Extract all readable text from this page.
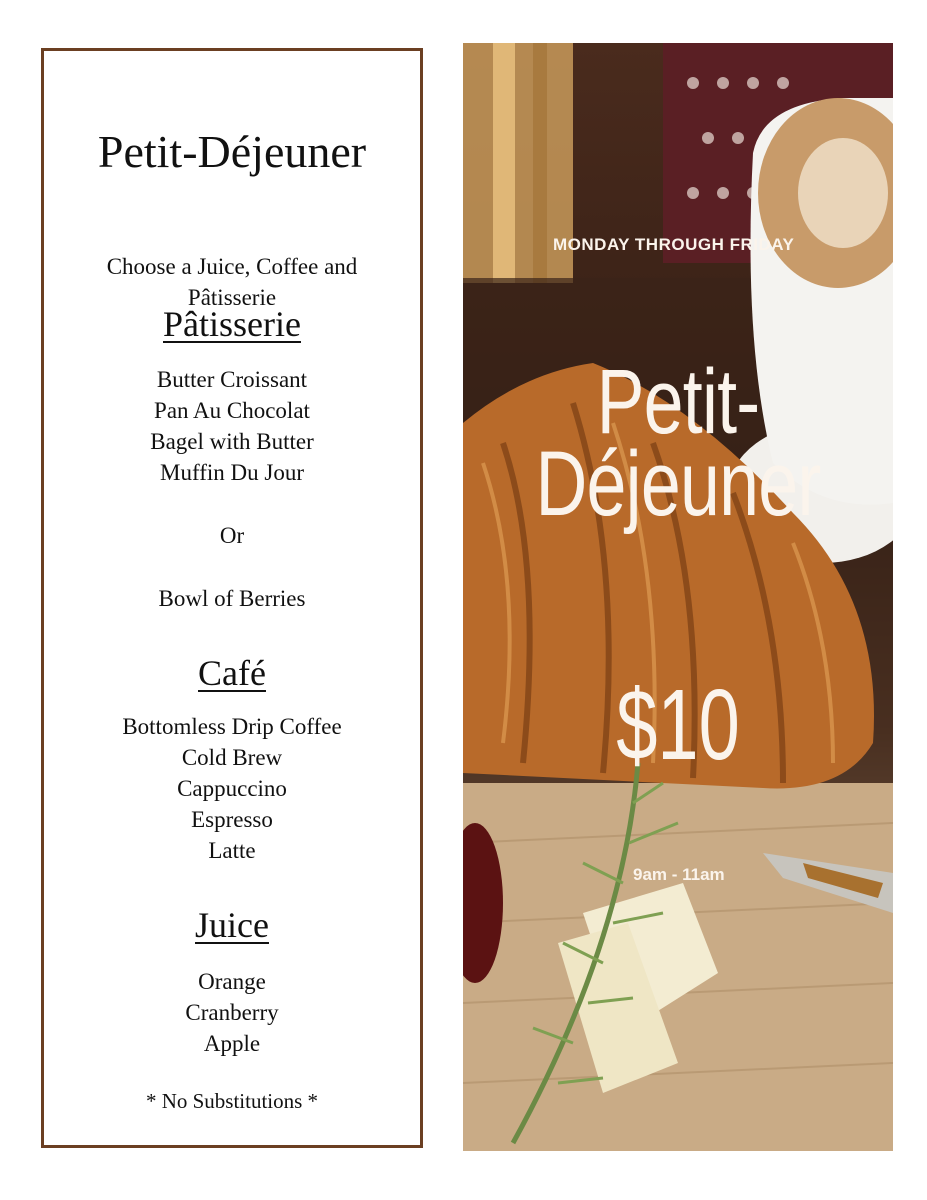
Petit-Déjeuner
Choose a Juice, Coffee and Pâtisserie
Pâtisserie
Butter Croissant
Pan Au Chocolat
Bagel with Butter
Muffin Du Jour
Or
Bowl of Berries
Café
Bottomless Drip Coffee
Cold Brew
Cappuccino
Espresso
Latte
Juice
Orange
Cranberry
Apple
* No Substitutions *
MONDAY THROUGH FRIDAY
Petit-
Déjeuner
$10
9am - 11am
